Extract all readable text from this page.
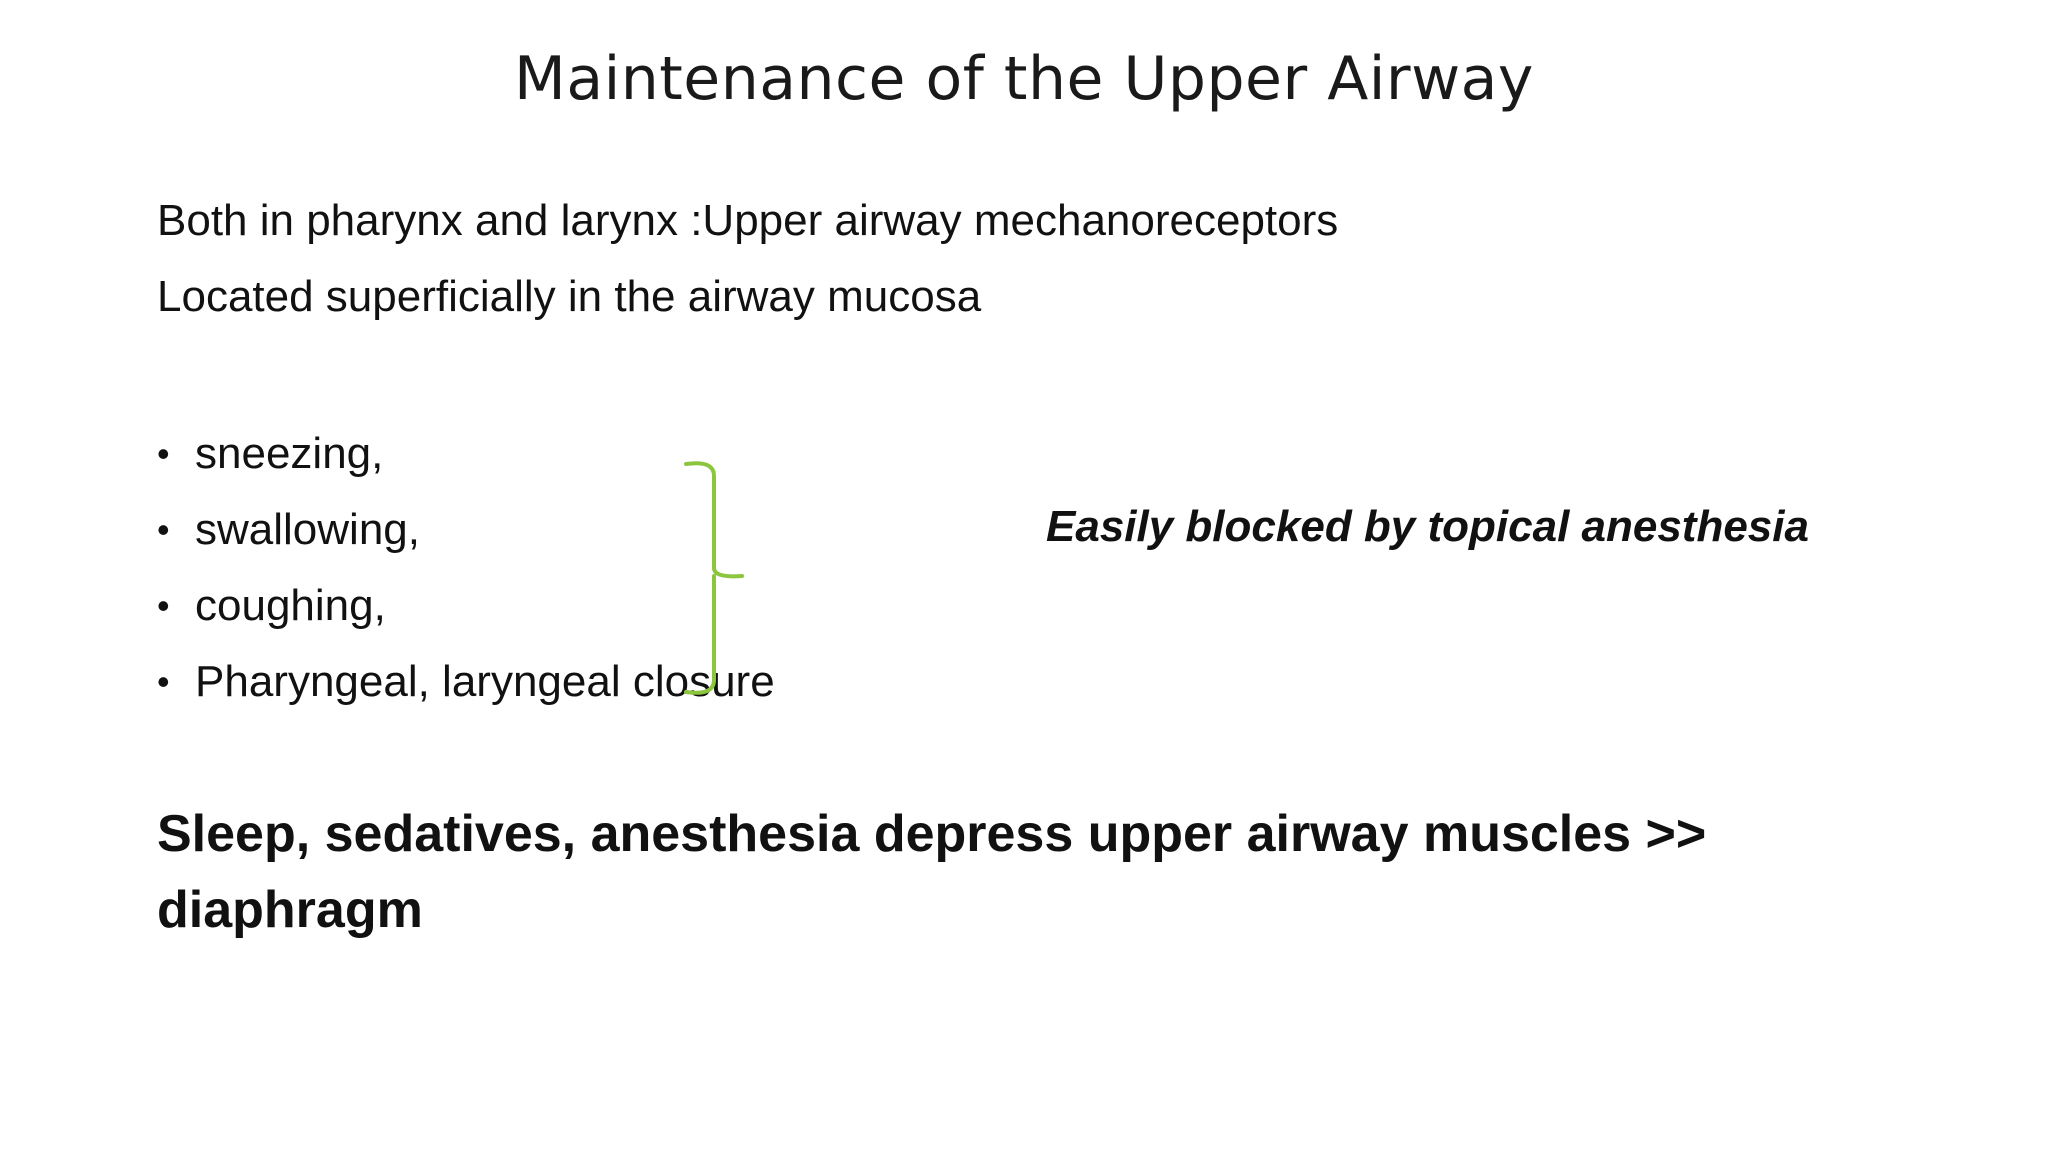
Maintenance of the Upper Airway
Both in pharynx and larynx :Upper airway mechanoreceptors
Located superficially in the airway mucosa
• sneezing,
• swallowing,
• coughing,
• Pharyngeal, laryngeal closure
Easily blocked by topical anesthesia
Sleep, sedatives, anesthesia depress upper airway muscles >> diaphragm
